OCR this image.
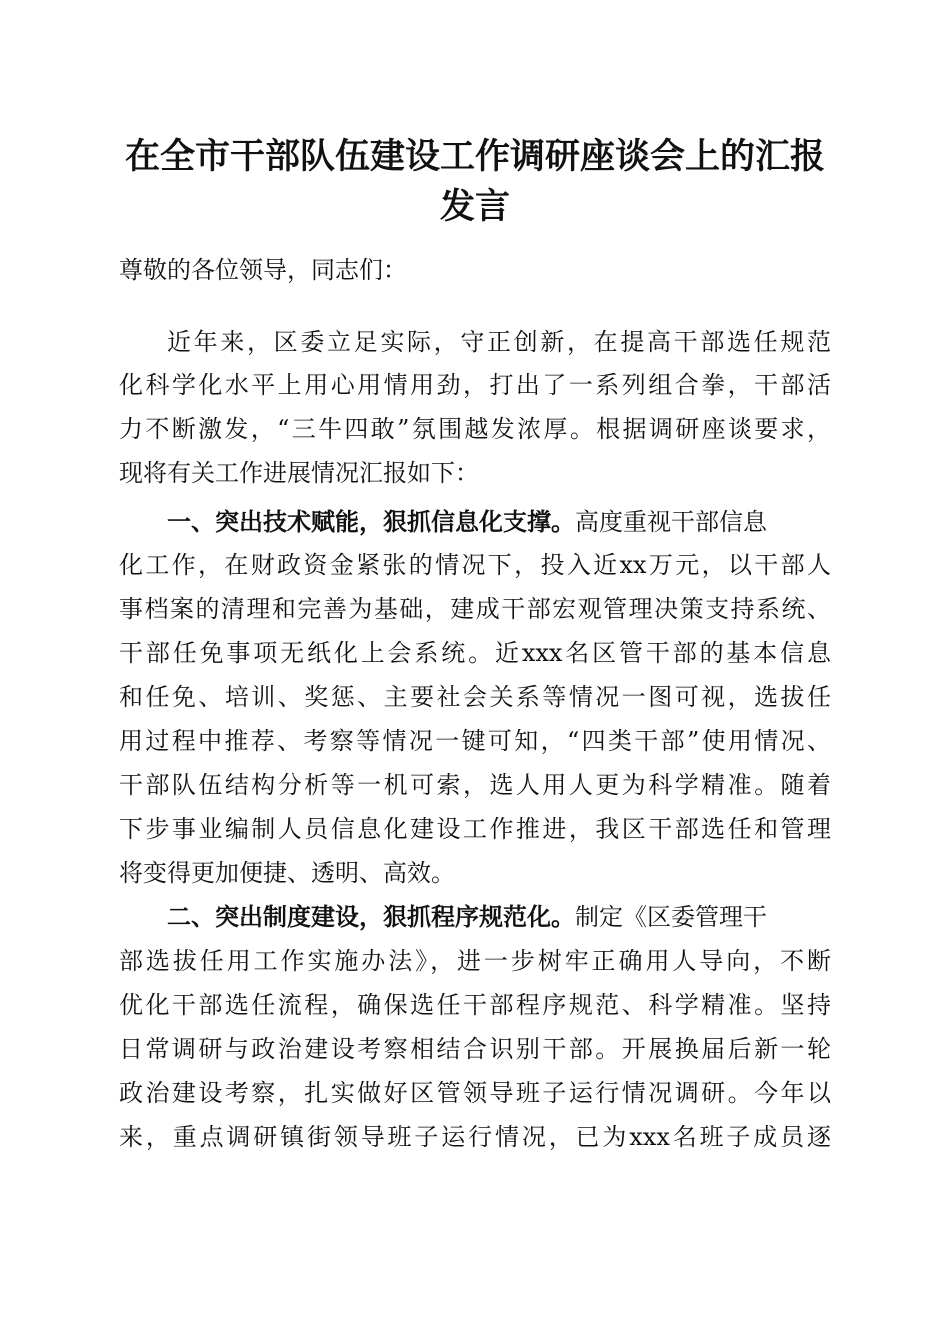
在全市干部队伍建设工作调研座谈会上的汇报
发言
尊敬的各位领导，同志们：
近年来，区委立足实际，守正创新，在提高干部选任规范
化科学化水平上用心用情用劲，打出了一系列组合拳，干部活
力不断激发，“三牛四敢”氛围越发浓厚。根据调研座谈要求，
现将有关工作进展情况汇报如下：
一、突出技术赋能，狠抓信息化支撑。高度重视干部信息
化工作，在财政资金紧张的情况下，投入近xx万元，以干部人
事档案的清理和完善为基础，建成干部宏观管理决策支持系统、
干部任免事项无纸化上会系统。近xxx名区管干部的基本信息
和任免、培训、奖惩、主要社会关系等情况一图可视，选拔任
用过程中推荐、考察等情况一键可知，“四类干部”使用情况、
干部队伍结构分析等一机可索，选人用人更为科学精准。随着
下步事业编制人员信息化建设工作推进，我区干部选任和管理
将变得更加便捷、透明、高效。
二、突出制度建设，狠抓程序规范化。制定《区委管理干
部选拔任用工作实施办法》，进一步树牢正确用人导向，不断
优化干部选任流程，确保选任干部程序规范、科学精准。坚持
日常调研与政治建设考察相结合识别干部。开展换届后新一轮
政治建设考察，扎实做好区管领导班子运行情况调研。今年以
来，重点调研镇街领导班子运行情况，已为xxx名班子成员逐
